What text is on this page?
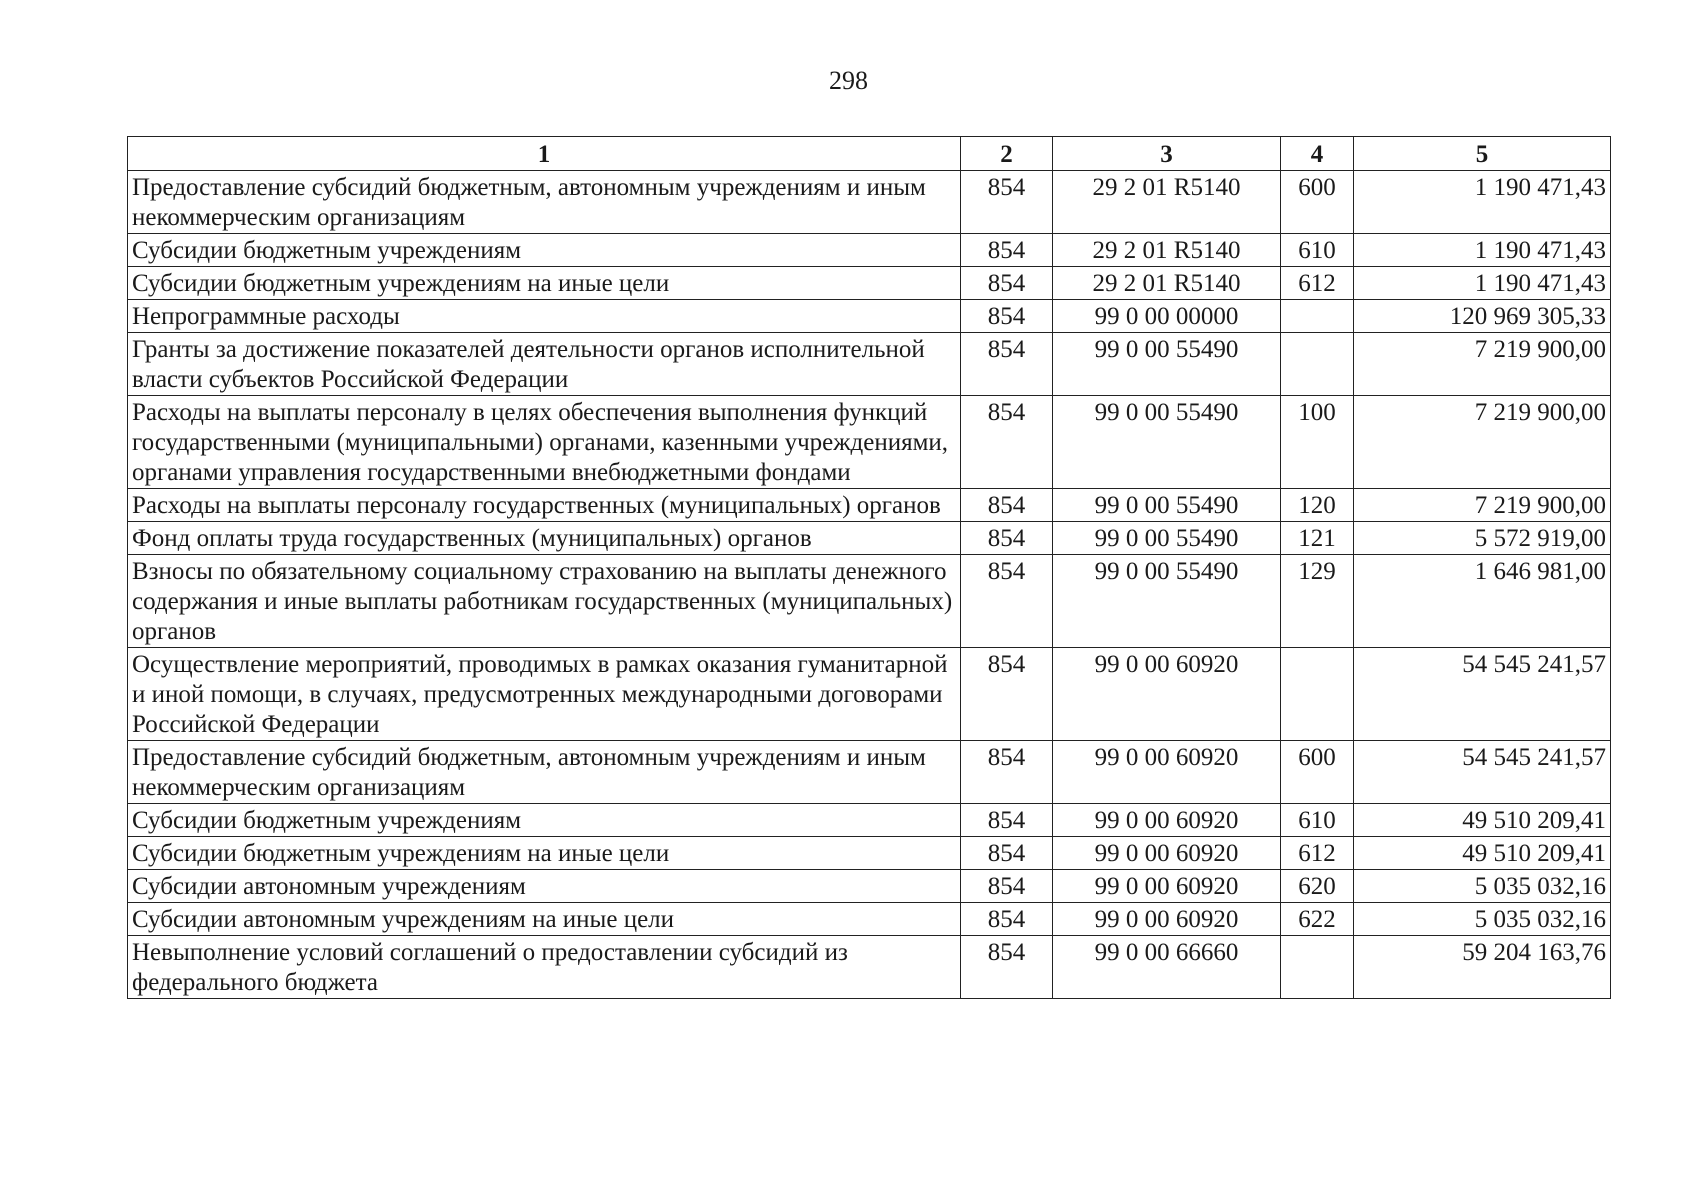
298
1	2	3	4	5
Предоставление субсидий бюджетным, автономным учреждениям и иным некоммерческим организациям	854	29 2 01 R5140	600	1 190 471,43
Субсидии бюджетным учреждениям	854	29 2 01 R5140	610	1 190 471,43
Субсидии бюджетным учреждениям на иные цели	854	29 2 01 R5140	612	1 190 471,43
Непрограммные расходы	854	99 0 00 00000		120 969 305,33
Гранты за достижение показателей деятельности органов исполнительной власти субъектов Российской Федерации	854	99 0 00 55490		7 219 900,00
Расходы на выплаты персоналу в целях обеспечения выполнения функций государственными (муниципальными) органами, казенными учреждениями, органами управления государственными внебюджетными фондами	854	99 0 00 55490	100	7 219 900,00
Расходы на выплаты персоналу государственных (муниципальных) органов	854	99 0 00 55490	120	7 219 900,00
Фонд оплаты труда государственных (муниципальных) органов	854	99 0 00 55490	121	5 572 919,00
Взносы по обязательному социальному страхованию на выплаты денежного содержания и иные выплаты работникам государственных (муниципальных) органов	854	99 0 00 55490	129	1 646 981,00
Осуществление мероприятий, проводимых в рамках оказания гуманитарной и иной помощи, в случаях, предусмотренных международными договорами Российской Федерации	854	99 0 00 60920		54 545 241,57
Предоставление субсидий бюджетным, автономным учреждениям и иным некоммерческим организациям	854	99 0 00 60920	600	54 545 241,57
Субсидии бюджетным учреждениям	854	99 0 00 60920	610	49 510 209,41
Субсидии бюджетным учреждениям на иные цели	854	99 0 00 60920	612	49 510 209,41
Субсидии автономным учреждениям	854	99 0 00 60920	620	5 035 032,16
Субсидии автономным учреждениям на иные цели	854	99 0 00 60920	622	5 035 032,16
Невыполнение условий соглашений о предоставлении субсидий из федерального бюджета	854	99 0 00 66660		59 204 163,76
